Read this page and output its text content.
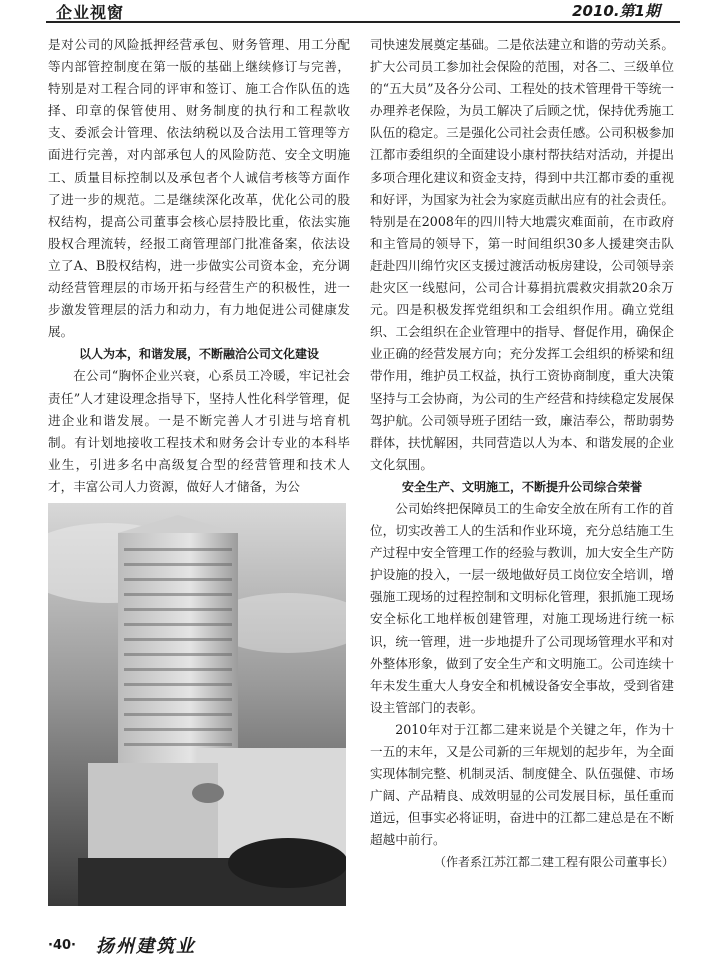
企业视窗	2010.第1期

是对公司的风险抵押经营承包、财务管理、用工分配等内部管控制度在第一版的基础上继续修订与完善，特别是对工程合同的评审和签订、施工合作队伍的选择、印章的保管使用、财务制度的执行和工程款收支、委派会计管理、依法纳税以及合法用工管理等方面进行完善，对内部承包人的风险防范、安全文明施工、质量目标控制以及承包者个人诚信考核等方面作了进一步的规范。二是继续深化改革，优化公司的股权结构，提高公司董事会核心层持股比重，依法实施股权合理流转，经报工商管理部门批准备案，依法设立了A、B股权结构，进一步做实公司资本金，充分调动经营管理层的市场开拓与经营生产的积极性，进一步激发管理层的活力和动力，有力地促进公司健康发展。

以人为本，和谐发展，不断融洽公司文化建设

在公司“胸怀企业兴衰，心系员工冷暖，牢记社会责任”人才建设理念指导下，坚持人性化科学管理，促进企业和谐发展。一是不断完善人才引进与培育机制。有计划地接收工程技术和财务会计专业的本科毕业生，引进多名中高级复合型的经营管理和技术人才，丰富公司人力资源，做好人才储备，为公

司快速发展奠定基础。二是依法建立和谐的劳动关系。扩大公司员工参加社会保险的范围，对各二、三级单位的“五大员”及各分公司、工程处的技术管理骨干等统一办理养老保险，为员工解决了后顾之忧，保持优秀施工队伍的稳定。三是强化公司社会责任感。公司积极参加江都市委组织的全面建设小康村帮扶结对活动，并提出多项合理化建议和资金支持，得到中共江都市委的重视和好评，为国家为社会为家庭贡献出应有的社会责任。特别是在2008年的四川特大地震灾难面前，在市政府和主管局的领导下，第一时间组织30多人援建突击队赶赴四川绵竹灾区支援过渡活动板房建设，公司领导亲赴灾区一线慰问，公司合计募捐抗震救灾捐款20余万元。四是积极发挥党组织和工会组织作用。确立党组织、工会组织在企业管理中的指导、督促作用，确保企业正确的经营发展方向；充分发挥工会组织的桥梁和纽带作用，维护员工权益，执行工资协商制度，重大决策坚持与工会协商，为公司的生产经营和持续稳定发展保驾护航。公司领导班子团结一致，廉洁奉公，帮助弱势群体，扶忧解困，共同营造以人为本、和谐发展的企业文化氛围。

安全生产、文明施工，不断提升公司综合荣誉

公司始终把保障员工的生命安全放在所有工作的首位，切实改善工人的生活和作业环境，充分总结施工生产过程中安全管理工作的经验与教训，加大安全生产防护设施的投入，一层一级地做好员工岗位安全培训，增强施工现场的过程控制和文明标化管理，狠抓施工现场安全标化工地样板创建管理，对施工现场进行统一标识，统一管理，进一步地提升了公司现场管理水平和对外整体形象，做到了安全生产和文明施工。公司连续十年未发生重大人身安全和机械设备安全事故，受到省建设主管部门的表彰。

2010年对于江都二建来说是个关键之年，作为十一五的末年，又是公司新的三年规划的起步年，为全面实现体制完整、机制灵活、制度健全、队伍强健、市场广阔、产品精良、成效明显的公司发展目标，虽任重而道远，但事实必将证明，奋进中的江都二建总是在不断超越中前行。

（作者系江苏江都二建工程有限公司董事长）
·40· 扬州建筑业
